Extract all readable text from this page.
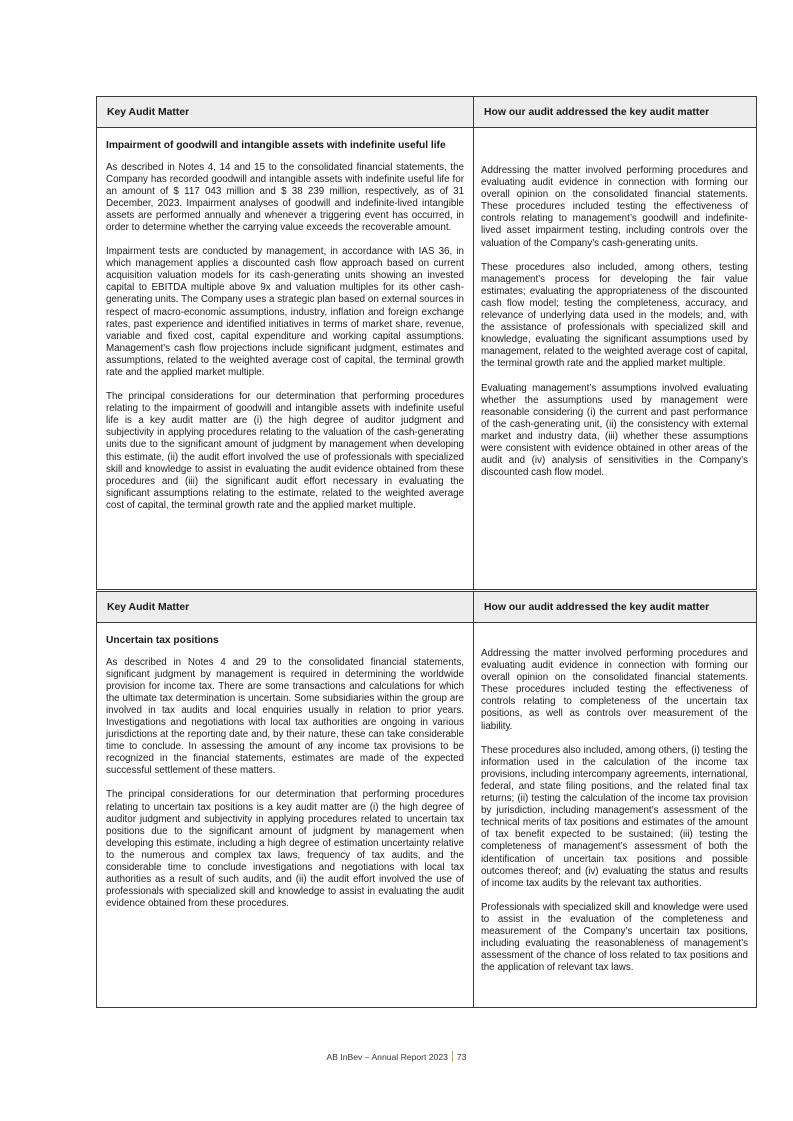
Key Audit Matter	How our audit addressed the key audit matter
Impairment of goodwill and intangible assets with indefinite useful life

As described in Notes 4, 14 and 15 to the consolidated financial statements, the Company has recorded goodwill and intangible assets with indefinite useful life for an amount of $ 117 043 million and $ 38 239 million, respectively, as of 31 December, 2023. Impairment analyses of goodwill and indefinite-lived intangible assets are performed annually and whenever a triggering event has occurred, in order to determine whether the carrying value exceeds the recoverable amount.

Impairment tests are conducted by management, in accordance with IAS 36, in which management applies a discounted cash flow approach based on current acquisition valuation models for its cash-generating units showing an invested capital to EBITDA multiple above 9x and valuation multiples for its other cash-generating units. The Company uses a strategic plan based on external sources in respect of macro-economic assumptions, industry, inflation and foreign exchange rates, past experience and identified initiatives in terms of market share, revenue, variable and fixed cost, capital expenditure and working capital assumptions. Management’s cash flow projections include significant judgment, estimates and assumptions, related to the weighted average cost of capital, the terminal growth rate and the applied market multiple.

The principal considerations for our determination that performing procedures relating to the impairment of goodwill and intangible assets with indefinite useful life is a key audit matter are (i) the high degree of auditor judgment and subjectivity in applying procedures relating to the valuation of the cash-generating units due to the significant amount of judgment by management when developing this estimate, (ii) the audit effort involved the use of professionals with specialized skill and knowledge to assist in evaluating the audit evidence obtained from these procedures and (iii) the significant audit effort necessary in evaluating the significant assumptions relating to the estimate, related to the weighted average cost of capital, the terminal growth rate and the applied market multiple.

Addressing the matter involved performing procedures and evaluating audit evidence in connection with forming our overall opinion on the consolidated financial statements. These procedures included testing the effectiveness of controls relating to management’s goodwill and indefinite-lived asset impairment testing, including controls over the valuation of the Company’s cash-generating units.

These procedures also included, among others, testing management’s process for developing the fair value estimates; evaluating the appropriateness of the discounted cash flow model; testing the completeness, accuracy, and relevance of underlying data used in the models; and, with the assistance of professionals with specialized skill and knowledge, evaluating the significant assumptions used by management, related to the weighted average cost of capital, the terminal growth rate and the applied market multiple.

Evaluating management’s assumptions involved evaluating whether the assumptions used by management were reasonable considering (i) the current and past performance of the cash-generating unit, (ii) the consistency with external market and industry data, (iii) whether these assumptions were consistent with evidence obtained in other areas of the audit and (iv) analysis of sensitivities in the Company’s discounted cash flow model.

Key Audit Matter	How our audit addressed the key audit matter
Uncertain tax positions

As described in Notes 4 and 29 to the consolidated financial statements, significant judgment by management is required in determining the worldwide provision for income tax. There are some transactions and calculations for which the ultimate tax determination is uncertain. Some subsidiaries within the group are involved in tax audits and local enquiries usually in relation to prior years. Investigations and negotiations with local tax authorities are ongoing in various jurisdictions at the reporting date and, by their nature, these can take considerable time to conclude. In assessing the amount of any income tax provisions to be recognized in the financial statements, estimates are made of the expected successful settlement of these matters.

The principal considerations for our determination that performing procedures relating to uncertain tax positions is a key audit matter are (i) the high degree of auditor judgment and subjectivity in applying procedures related to uncertain tax positions due to the significant amount of judgment by management when developing this estimate, including a high degree of estimation uncertainty relative to the numerous and complex tax laws, frequency of tax audits, and the considerable time to conclude investigations and negotiations with local tax authorities as a result of such audits, and (ii) the audit effort involved the use of professionals with specialized skill and knowledge to assist in evaluating the audit evidence obtained from these procedures.

Addressing the matter involved performing procedures and evaluating audit evidence in connection with forming our overall opinion on the consolidated financial statements. These procedures included testing the effectiveness of controls relating to completeness of the uncertain tax positions, as well as controls over measurement of the liability.

These procedures also included, among others, (i) testing the information used in the calculation of the income tax provisions, including intercompany agreements, international, federal, and state filing positions, and the related final tax returns; (ii) testing the calculation of the income tax provision by jurisdiction, including management’s assessment of the technical merits of tax positions and estimates of the amount of tax benefit expected to be sustained; (iii) testing the completeness of management’s assessment of both the identification of uncertain tax positions and possible outcomes thereof; and (iv) evaluating the status and results of income tax audits by the relevant tax authorities.

Professionals with specialized skill and knowledge were used to assist in the evaluation of the completeness and measurement of the Company’s uncertain tax positions, including evaluating the reasonableness of management’s assessment of the chance of loss related to tax positions and the application of relevant tax laws.

AB InBev – Annual Report 2023 73
